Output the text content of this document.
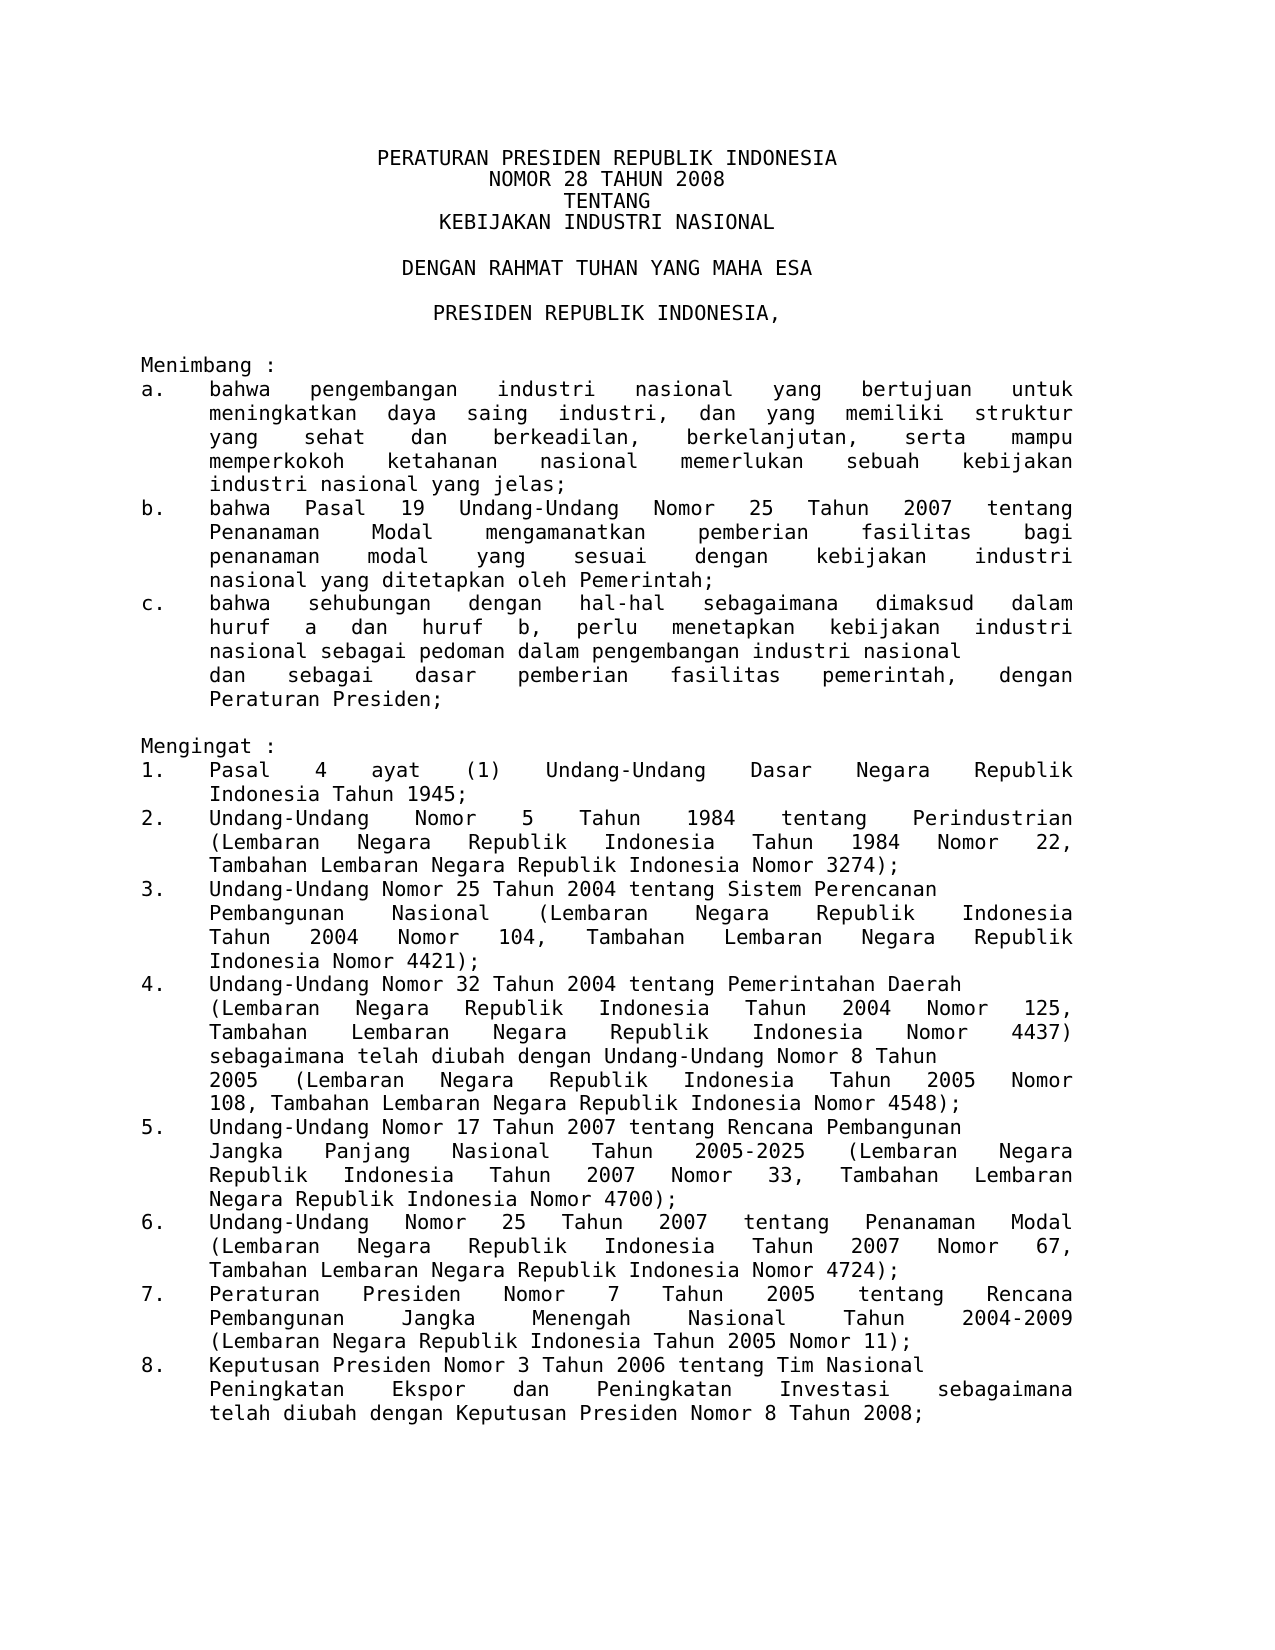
PERATURAN PRESIDEN REPUBLIK INDONESIA
NOMOR 28 TAHUN 2008
TENTANG
KEBIJAKAN INDUSTRI NASIONAL
DENGAN RAHMAT TUHAN YANG MAHA ESA
PRESIDEN REPUBLIK INDONESIA,
Menimbang :
a.	bahwa pengembangan industri nasional yang bertujuan untuk
meningkatkan daya saing industri, dan yang memiliki struktur
yang sehat dan berkeadilan, berkelanjutan, serta mampu
memperkokoh ketahanan nasional memerlukan sebuah kebijakan
industri nasional yang jelas;
b.	bahwa Pasal 19 Undang-Undang Nomor 25 Tahun 2007 tentang
Penanaman	Modal	mengamanatkan	pemberian	fasilitas	bagi
penanaman modal yang sesuai dengan kebijakan industri
nasional yang ditetapkan oleh Pemerintah;
c.	bahwa sehubungan dengan hal-hal sebagaimana dimaksud dalam
huruf a dan huruf b, perlu menetapkan kebijakan industri
nasional sebagai pedoman dalam pengembangan industri nasional
dan sebagai dasar pemberian fasilitas pemerintah, dengan
Peraturan Presiden;
Mengingat :
1.	Pasal 4 ayat (1) Undang-Undang Dasar Negara Republik
Indonesia Tahun 1945;
2.	Undang-Undang Nomor 5 Tahun 1984 tentang Perindustrian
(Lembaran Negara Republik Indonesia Tahun 1984 Nomor 22,
Tambahan Lembaran Negara Republik Indonesia Nomor 3274);
3.	Undang-Undang Nomor 25 Tahun 2004 tentang Sistem Perencanan
Pembangunan Nasional (Lembaran Negara Republik Indonesia
Tahun 2004 Nomor 104, Tambahan Lembaran Negara Republik
Indonesia Nomor 4421);
4.	Undang-Undang Nomor 32 Tahun 2004 tentang Pemerintahan Daerah
(Lembaran Negara Republik Indonesia Tahun 2004 Nomor 125,
Tambahan Lembaran Negara Republik Indonesia Nomor 4437)
sebagaimana telah diubah dengan Undang-Undang Nomor 8 Tahun
2005 (Lembaran Negara Republik Indonesia Tahun 2005 Nomor
108, Tambahan Lembaran Negara Republik Indonesia Nomor 4548);
5.	Undang-Undang Nomor 17 Tahun 2007 tentang Rencana Pembangunan
Jangka Panjang Nasional Tahun 2005-2025 (Lembaran Negara
Republik Indonesia Tahun 2007 Nomor 33, Tambahan Lembaran
Negara Republik Indonesia Nomor 4700);
6.	Undang-Undang Nomor 25 Tahun 2007 tentang Penanaman Modal
(Lembaran Negara Republik Indonesia Tahun 2007 Nomor 67,
Tambahan Lembaran Negara Republik Indonesia Nomor 4724);
7.	Peraturan Presiden Nomor 7 Tahun 2005 tentang Rencana
Pembangunan	Jangka	Menengah	Nasional	Tahun	2004-2009
(Lembaran Negara Republik Indonesia Tahun 2005 Nomor 11);
8.	Keputusan Presiden Nomor 3 Tahun 2006 tentang Tim Nasional
Peningkatan Ekspor dan Peningkatan Investasi sebagaimana
telah diubah dengan Keputusan Presiden Nomor 8 Tahun 2008;
